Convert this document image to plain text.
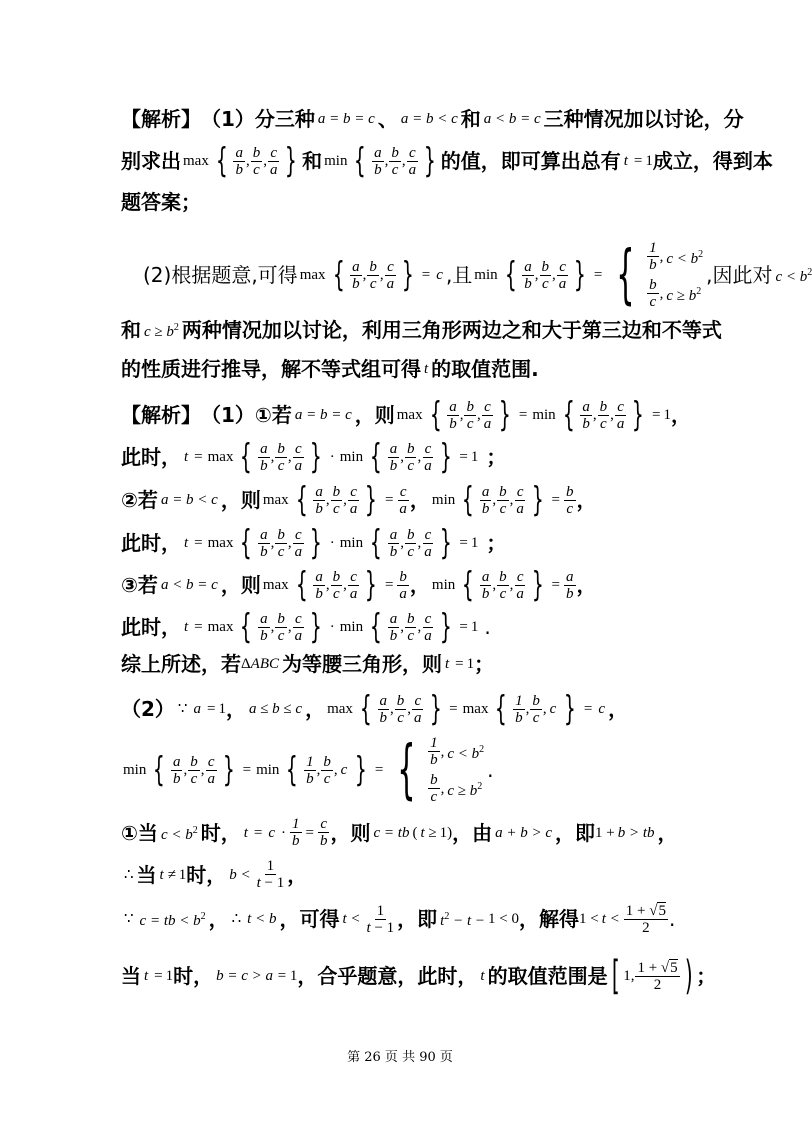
【解析】 （1）分三种 a = b = c 、 a = b < c 和 a < b = c 三种情况加以讨论，分
别求出 max { $\frac{a}{b}$ , $\frac{b}{c}$ , $\frac{c}{a}$ } 和 min { $\frac{a}{b}$ , $\frac{b}{c}$ , $\frac{c}{a}$ } 的值，即可算出总有 t = 1 成立，得到本
题答案；
(2)根据题意,可得 max { $\frac{a}{b}$ , $\frac{b}{c}$ , $\frac{c}{a}$ } = c ,且 min { $\frac{a}{b}$ , $\frac{b}{c}$ , $\frac{c}{a}$ } = { $\frac{1}{b}$ , $c < b^2$
$\frac{b}{c}$ , $c \ge b^2$
,因此对 $c < b^2$
和 $c \ge b^2$ 两种情况加以讨论，利用三角形两边之和大于第三边和不等式
的性质进行推导，解不等式组可得 t 的取值范围.
【解析】 （1）①若 a = b = c ，则 max { $\frac{a}{b}$ , $\frac{b}{c}$ , $\frac{c}{a}$ } = min { $\frac{a}{b}$ , $\frac{b}{c}$ , $\frac{c}{a}$ } = 1 ，
此时， t = max { $\frac{a}{b}$ , $\frac{b}{c}$ , $\frac{c}{a}$ } · min { $\frac{a}{b}$ , $\frac{b}{c}$ , $\frac{c}{a}$ } = 1 ；
②若 a = b < c ，则 max { $\frac{a}{b}$ , $\frac{b}{c}$ , $\frac{c}{a}$ } = $\frac{c}{a}$ ， min { $\frac{a}{b}$ , $\frac{b}{c}$ , $\frac{c}{a}$ } = $\frac{b}{c}$ ，
此时， t = max { $\frac{a}{b}$ , $\frac{b}{c}$ , $\frac{c}{a}$ } · min { $\frac{a}{b}$ , $\frac{b}{c}$ , $\frac{c}{a}$ } = 1 ；
③若 a < b = c ，则 max { $\frac{a}{b}$ , $\frac{b}{c}$ , $\frac{c}{a}$ } = $\frac{b}{a}$ ， min { $\frac{a}{b}$ , $\frac{b}{c}$ , $\frac{c}{a}$ } = $\frac{a}{b}$ ，
此时， t = max { $\frac{a}{b}$ , $\frac{b}{c}$ , $\frac{c}{a}$ } · min { $\frac{a}{b}$ , $\frac{b}{c}$ , $\frac{c}{a}$ } = 1 .
综上所述，若 Δ ABC 为等腰三角形，则 t = 1 ；
（2） ∵ a = 1 ， a ≤ b ≤ c ， max { $\frac{a}{b}$ , $\frac{b}{c}$ , $\frac{c}{a}$ } = max { $\frac{1}{b}$ , $\frac{b}{c}$ , c } = c ，
min { $\frac{a}{b}$ , $\frac{b}{c}$ , $\frac{c}{a}$ } = min { $\frac{1}{b}$ , $\frac{b}{c}$ , c } = { $\frac{1}{b}$ , $c < b^2$
$\frac{b}{c}$ , $c \ge b^2$
.
①当 $c < b^2$ 时， $t = c \cdot \frac{1}{b} = \frac{c}{b}$ ，则 c = tb ( t ≥ 1) ，由 a + b > c ，即 1 + b > tb ，
∴ 当 t ≠ 1 时， $b < \frac{1}{t - 1}$ ，
∵ c = tb < $b^2$ ， ∴ t < b ，可得 $t < \frac{1}{t - 1}$ ，即 $t^2 - t - 1 < 0$ ，解得 $1 < t < \frac{1 + √5}{2}$ .
当 t = 1 时， b = c > a = 1 ，合乎题意，此时， t 的取值范围是 [ 1, $\frac{1 + √5}{2}$ ) ；
第 26 页 共 90 页
